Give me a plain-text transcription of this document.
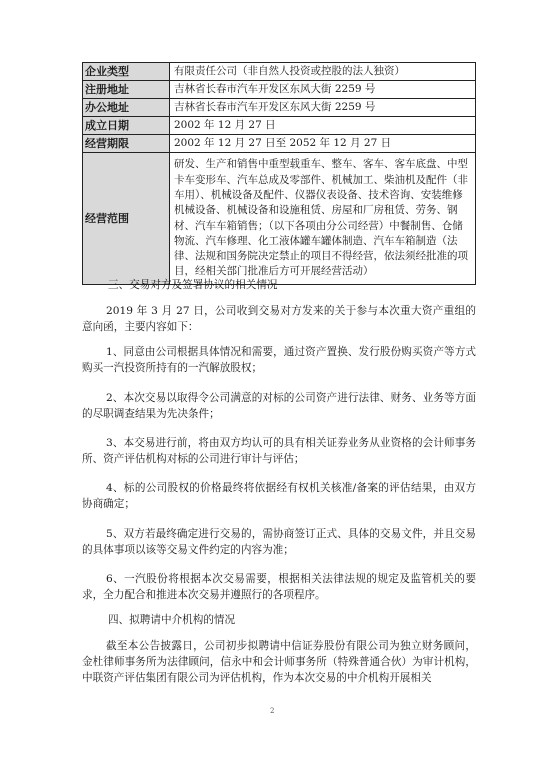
企业类型	有限责任公司（非自然人投资或控股的法人独资）
注册地址	吉林省长春市汽车开发区东风大街 2259 号
办公地址	吉林省长春市汽车开发区东风大街 2259 号
成立日期	2002 年 12 月 27 日
经营期限	2002 年 12 月 27 日至 2052 年 12 月 27 日
经营范围	研发、生产和销售中重型载重车、整车、客车、客车底盘、中型卡车变形车、汽车总成及零部件、机械加工、柴油机及配件（非车用）、机械设备及配件、仪器仪表设备、技术咨询、安装维修机械设备、机械设备和设施租赁、房屋和厂房租赁、劳务、钢材、汽车车箱销售；（以下各项由分公司经营）中餐制售、仓储物流、汽车修理、化工液体罐车罐体制造、汽车车箱制造（法律、法规和国务院决定禁止的项目不得经营，依法须经批准的项目，经相关部门批准后方可开展经营活动）
三、交易对方及签署协议的相关情况
2019 年 3 月 27 日，公司收到交易对方发来的关于参与本次重大资产重组的意向函，主要内容如下：
1、同意由公司根据具体情况和需要，通过资产置换、发行股份购买资产等方式购买一汽投资所持有的一汽解放股权；
2、本次交易以取得令公司满意的对标的公司资产进行法律、财务、业务等方面的尽职调查结果为先决条件；
3、本交易进行前，将由双方均认可的具有相关证券业务从业资格的会计师事务所、资产评估机构对标的公司进行审计与评估；
4、标的公司股权的价格最终将依据经有权机关核准/备案的评估结果，由双方协商确定；
5、双方若最终确定进行交易的，需协商签订正式、具体的交易文件，并且交易的具体事项以该等交易文件约定的内容为准；
6、一汽股份将根据本次交易需要，根据相关法律法规的规定及监管机关的要求，全力配合和推进本次交易并遵照行的各项程序。
四、拟聘请中介机构的情况
截至本公告披露日，公司初步拟聘请中信证券股份有限公司为独立财务顾问，金杜律师事务所为法律顾问，信永中和会计师事务所（特殊普通合伙）为审计机构，中联资产评估集团有限公司为评估机构，作为本次交易的中介机构开展相关
2
